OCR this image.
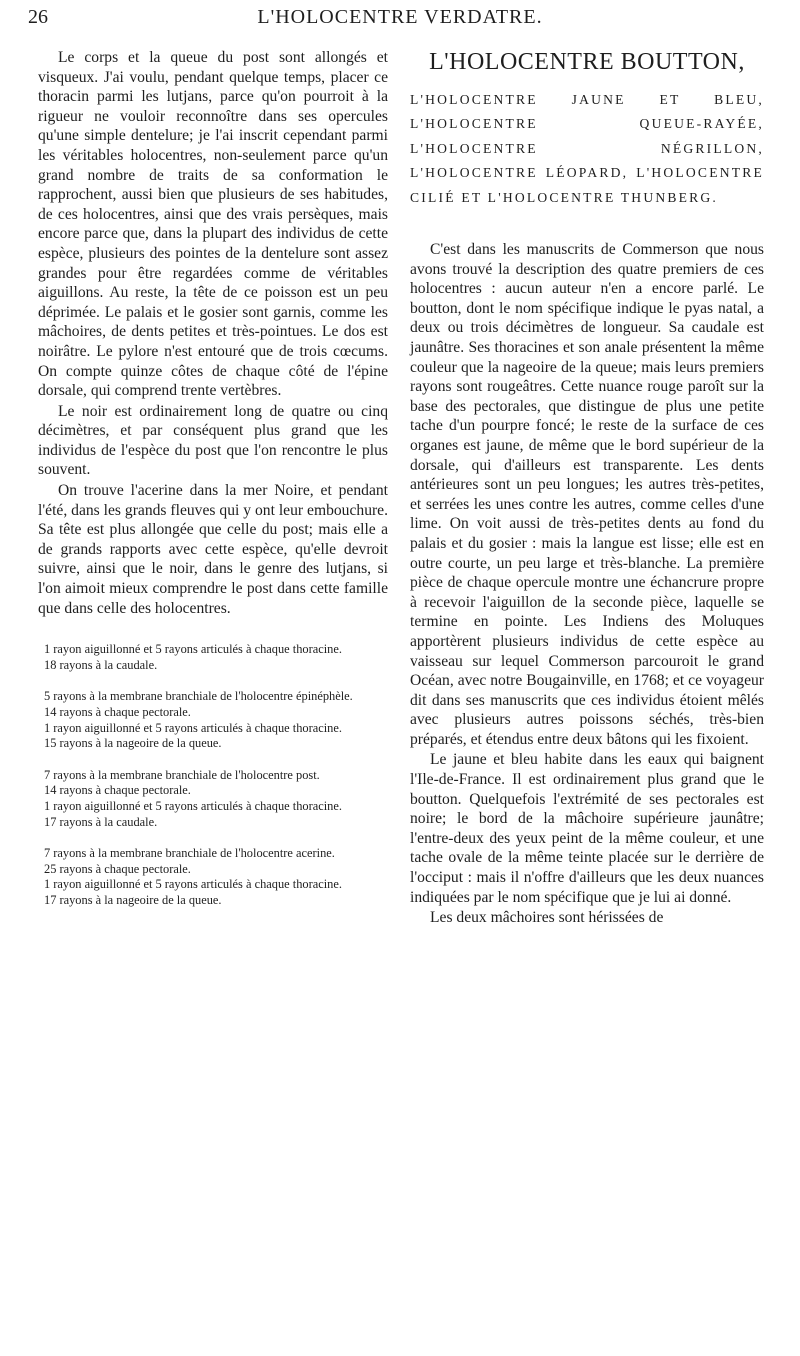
26	L'HOLOCENTRE VERDATRE.

Le corps et la queue du post sont allongés et visqueux. J'ai voulu, pendant quelque temps, placer ce thoracin parmi les lutjans, parce qu'on pourroit à la rigueur ne vouloir reconnoître dans ses opercules qu'une simple dentelure; je l'ai inscrit cependant parmi les véritables holocentres, non-seulement parce qu'un grand nombre de traits de sa conformation le rapprochent, aussi bien que plusieurs de ses habitudes, de ces holocentres, ainsi que des vrais persèques, mais encore parce que, dans la plupart des individus de cette espèce, plusieurs des pointes de la dentelure sont assez grandes pour être regardées comme de véritables aiguillons. Au reste, la tête de ce poisson est un peu déprimée. Le palais et le gosier sont garnis, comme les mâchoires, de dents petites et très-pointues. Le dos est noirâtre. Le pylore n'est entouré que de trois cœcums. On compte quinze côtes de chaque côté de l'épine dorsale, qui comprend trente vertèbres.

Le noir est ordinairement long de quatre ou cinq décimètres, et par conséquent plus grand que les individus de l'espèce du post que l'on rencontre le plus souvent.

On trouve l'acerine dans la mer Noire, et pendant l'été, dans les grands fleuves qui y ont leur embouchure. Sa tête est plus allongée que celle du post; mais elle a de grands rapports avec cette espèce, qu'elle devroit suivre, ainsi que le noir, dans le genre des lutjans, si l'on aimoit mieux comprendre le post dans cette famille que dans celle des holocentres.

1 rayon aiguillonné et 5 rayons articulés à chaque thoracine.
18 rayons à la caudale.
5 rayons à la membrane branchiale de l'holocentre épinéphèle.
14 rayons à chaque pectorale.
1 rayon aiguillonné et 5 rayons articulés à chaque thoracine.
15 rayons à la nageoire de la queue.
7 rayons à la membrane branchiale de l'holocentre post.
14 rayons à chaque pectorale.
1 rayon aiguillonné et 5 rayons articulés à chaque thoracine.
17 rayons à la caudale.
7 rayons à la membrane branchiale de l'holocentre acerine.
25 rayons à chaque pectorale.
1 rayon aiguillonné et 5 rayons articulés à chaque thoracine.
17 rayons à la nageoire de la queue.
L'HOLOCENTRE BOUTTON,
L'HOLOCENTRE JAUNE ET BLEU, L'HOLOCENTRE QUEUE-RAYÉE, L'HOLOCENTRE NÉGRILLON, L'HOLOCENTRE LÉOPARD, L'HOLOCENTRE CILIÉ ET L'HOLOCENTRE THUNBERG.

C'est dans les manuscrits de Commerson que nous avons trouvé la description des quatre premiers de ces holocentres : aucun auteur n'en a encore parlé. Le boutton, dont le nom spécifique indique le pyas natal, a deux ou trois décimètres de longueur. Sa caudale est jaunâtre. Ses thoracines et son anale présentent la même couleur que la nageoire de la queue; mais leurs premiers rayons sont rougeâtres. Cette nuance rouge paroît sur la base des pectorales, que distingue de plus une petite tache d'un pourpre foncé; le reste de la surface de ces organes est jaune, de même que le bord supérieur de la dorsale, qui d'ailleurs est transparente. Les dents antérieures sont un peu longues; les autres très-petites, et serrées les unes contre les autres, comme celles d'une lime. On voit aussi de très-petites dents au fond du palais et du gosier : mais la langue est lisse; elle est en outre courte, un peu large et très-blanche. La première pièce de chaque opercule montre une échancrure propre à recevoir l'aiguillon de la seconde pièce, laquelle se termine en pointe. Les Indiens des Moluques apportèrent plusieurs individus de cette espèce au vaisseau sur lequel Commerson parcouroit le grand Océan, avec notre Bougainville, en 1768; et ce voyageur dit dans ses manuscrits que ces individus étoient mêlés avec plusieurs autres poissons séchés, très-bien préparés, et étendus entre deux bâtons qui les fixoient.

Le jaune et bleu habite dans les eaux qui baignent l'Ile-de-France. Il est ordinairement plus grand que le boutton. Quelquefois l'extrémité de ses pectorales est noire; le bord de la mâchoire supérieure jaunâtre; l'entre-deux des yeux peint de la même couleur, et une tache ovale de la même teinte placée sur le derrière de l'occiput : mais il n'offre d'ailleurs que les deux nuances indiquées par le nom spécifique que je lui ai donné.

Les deux mâchoires sont hérissées de
